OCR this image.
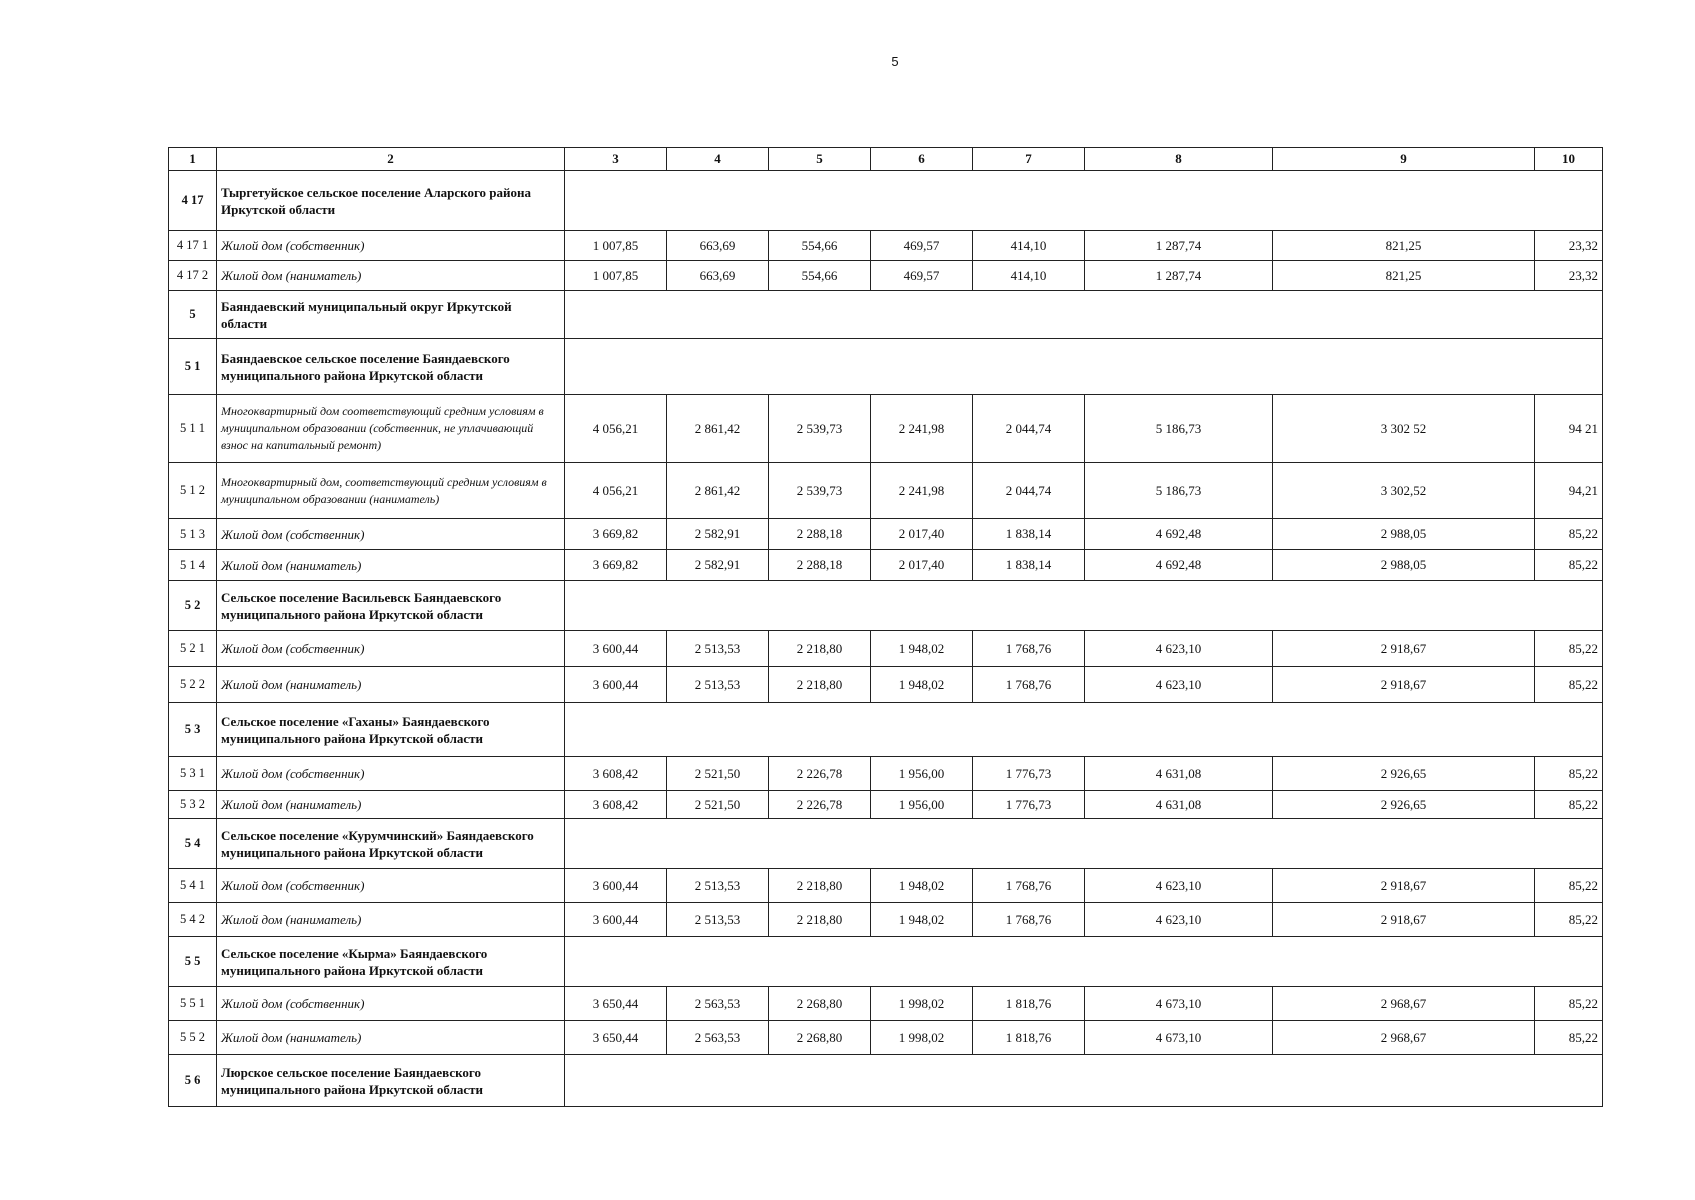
5
1	2	3	4	5	6	7	8	9	10
4 17	Тыргетуйское сельское поселение Аларского района Иркутской области								
4 17 1	Жилой дом (собственник)	1 007,85	663,69	554,66	469,57	414,10	1 287,74	821,25	23,32
4 17 2	Жилой дом (наниматель)	1 007,85	663,69	554,66	469,57	414,10	1 287,74	821,25	23,32
5	Баяндаевский муниципальный округ Иркутской области								
5 1	Баяндаевское сельское поселение Баяндаевского муниципального района Иркутской области								
5 1 1	Многоквартирный дом соответствующий средним условиям в муниципальном образовании (собственник, не уплачивающий взнос на капитальный ремонт)	4 056,21	2 861,42	2 539,73	2 241,98	2 044,74	5 186,73	3 302 52	94 21
5 1 2	Многоквартирный дом, соответствующий средним условиям в муниципальном образовании (наниматель)	4 056,21	2 861,42	2 539,73	2 241,98	2 044,74	5 186,73	3 302,52	94,21
5 1 3	Жилой дом (собственник)	3 669,82	2 582,91	2 288,18	2 017,40	1 838,14	4 692,48	2 988,05	85,22
5 1 4	Жилой дом (наниматель)	3 669,82	2 582,91	2 288,18	2 017,40	1 838,14	4 692,48	2 988,05	85,22
5 2	Сельское поселение Васильевск Баяндаевского муниципального района Иркутской области								
5 2 1	Жилой дом (собственник)	3 600,44	2 513,53	2 218,80	1 948,02	1 768,76	4 623,10	2 918,67	85,22
5 2 2	Жилой дом (наниматель)	3 600,44	2 513,53	2 218,80	1 948,02	1 768,76	4 623,10	2 918,67	85,22
5 3	Сельское поселение «Гаханы» Баяндаевского муниципального района Иркутской области								
5 3 1	Жилой дом (собственник)	3 608,42	2 521,50	2 226,78	1 956,00	1 776,73	4 631,08	2 926,65	85,22
5 3 2	Жилой дом (наниматель)	3 608,42	2 521,50	2 226,78	1 956,00	1 776,73	4 631,08	2 926,65	85,22
5 4	Сельское поселение «Курумчинский» Баяндаевского муниципального района Иркутской области								
5 4 1	Жилой дом (собственник)	3 600,44	2 513,53	2 218,80	1 948,02	1 768,76	4 623,10	2 918,67	85,22
5 4 2	Жилой дом (наниматель)	3 600,44	2 513,53	2 218,80	1 948,02	1 768,76	4 623,10	2 918,67	85,22
5 5	Сельское поселение «Кырма» Баяндаевского муниципального района Иркутской области								
5 5 1	Жилой дом (собственник)	3 650,44	2 563,53	2 268,80	1 998,02	1 818,76	4 673,10	2 968,67	85,22
5 5 2	Жилой дом (наниматель)	3 650,44	2 563,53	2 268,80	1 998,02	1 818,76	4 673,10	2 968,67	85,22
5 6	Люрское сельское поселение Баяндаевского муниципального района Иркутской области								
